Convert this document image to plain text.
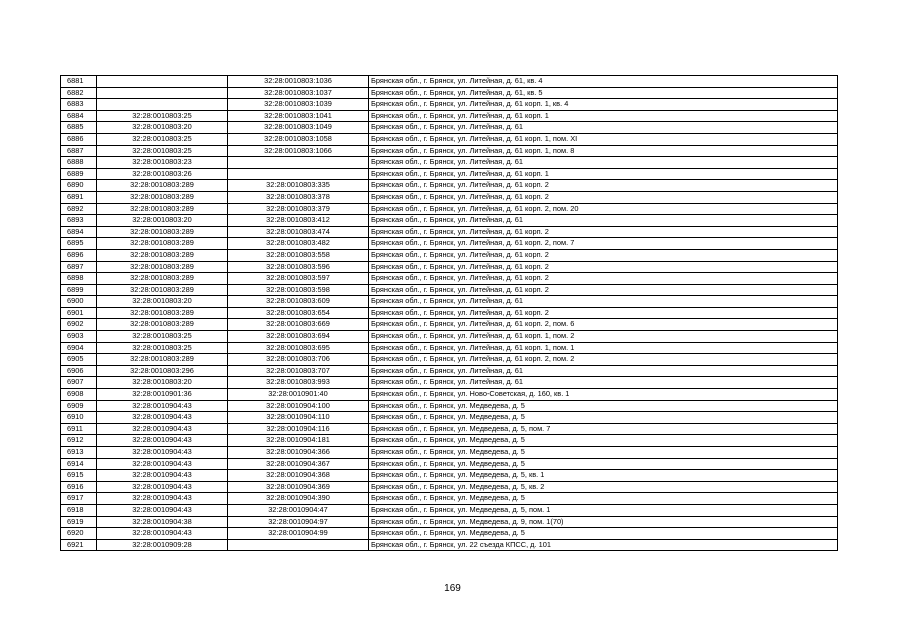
6881		32:28:0010803:1036	Брянская обл., г. Брянск, ул. Литейная, д. 61, кв. 4
6882		32:28:0010803:1037	Брянская обл., г. Брянск, ул. Литейная, д. 61, кв. 5
6883		32:28:0010803:1039	Брянская обл., г. Брянск, ул. Литейная, д. 61 корп. 1, кв. 4
6884	32:28:0010803:25	32:28:0010803:1041	Брянская обл., г. Брянск, ул. Литейная, д. 61 корп. 1
6885	32:28:0010803:20	32:28:0010803:1049	Брянская обл., г. Брянск, ул. Литейная, д. 61
6886	32:28:0010803:25	32:28:0010803:1058	Брянская обл., г. Брянск, ул. Литейная, д. 61 корп. 1, пом. XI
6887	32:28:0010803:25	32:28:0010803:1066	Брянская обл., г. Брянск, ул. Литейная, д. 61 корп. 1, пом. 8
6888	32:28:0010803:23		Брянская обл., г. Брянск, ул. Литейная, д. 61
6889	32:28:0010803:26		Брянская обл., г. Брянск, ул. Литейная, д. 61 корп. 1
6890	32:28:0010803:289	32:28:0010803:335	Брянская обл., г. Брянск, ул. Литейная, д. 61 корп. 2
6891	32:28:0010803:289	32:28:0010803:378	Брянская обл., г. Брянск, ул. Литейная, д. 61 корп. 2
6892	32:28:0010803:289	32:28:0010803:379	Брянская обл., г. Брянск, ул. Литейная, д. 61 корп. 2, пом. 20
6893	32:28:0010803:20	32:28:0010803:412	Брянская обл., г. Брянск, ул. Литейная, д. 61
6894	32:28:0010803:289	32:28:0010803:474	Брянская обл., г. Брянск, ул. Литейная, д. 61 корп. 2
6895	32:28:0010803:289	32:28:0010803:482	Брянская обл., г. Брянск, ул. Литейная, д. 61 корп. 2, пом. 7
6896	32:28:0010803:289	32:28:0010803:558	Брянская обл., г. Брянск, ул. Литейная, д. 61 корп. 2
6897	32:28:0010803:289	32:28:0010803:596	Брянская обл., г. Брянск, ул. Литейная, д. 61 корп. 2
6898	32:28:0010803:289	32:28:0010803:597	Брянская обл., г. Брянск, ул. Литейная, д. 61 корп. 2
6899	32:28:0010803:289	32:28:0010803:598	Брянская обл., г. Брянск, ул. Литейная, д. 61 корп. 2
6900	32:28:0010803:20	32:28:0010803:609	Брянская обл., г. Брянск, ул. Литейная, д. 61
6901	32:28:0010803:289	32:28:0010803:654	Брянская обл., г. Брянск, ул. Литейная, д. 61 корп. 2
6902	32:28:0010803:289	32:28:0010803:669	Брянская обл., г. Брянск, ул. Литейная, д. 61 корп. 2, пом. 6
6903	32:28:0010803:25	32:28:0010803:694	Брянская обл., г. Брянск, ул. Литейная, д. 61 корп. 1, пом. 2
6904	32:28:0010803:25	32:28:0010803:695	Брянская обл., г. Брянск, ул. Литейная, д. 61 корп. 1, пом. 1
6905	32:28:0010803:289	32:28:0010803:706	Брянская обл., г. Брянск, ул. Литейная, д. 61 корп. 2, пом. 2
6906	32:28:0010803:296	32:28:0010803:707	Брянская обл., г. Брянск, ул. Литейная, д. 61
6907	32:28:0010803:20	32:28:0010803:993	Брянская обл., г. Брянск, ул. Литейная, д. 61
6908	32:28:0010901:36	32:28:0010901:40	Брянская обл., г. Брянск, ул. Ново-Советская, д. 160, кв. 1
6909	32:28:0010904:43	32:28:0010904:100	Брянская обл., г. Брянск, ул. Медведева, д. 5
6910	32:28:0010904:43	32:28:0010904:110	Брянская обл., г. Брянск, ул. Медведева, д. 5
6911	32:28:0010904:43	32:28:0010904:116	Брянская обл., г. Брянск, ул. Медведева, д. 5, пом. 7
6912	32:28:0010904:43	32:28:0010904:181	Брянская обл., г. Брянск, ул. Медведева, д. 5
6913	32:28:0010904:43	32:28:0010904:366	Брянская обл., г. Брянск, ул. Медведева, д. 5
6914	32:28:0010904:43	32:28:0010904:367	Брянская обл., г. Брянск, ул. Медведева, д. 5
6915	32:28:0010904:43	32:28:0010904:368	Брянская обл., г. Брянск, ул. Медведева, д. 5, кв. 1
6916	32:28:0010904:43	32:28:0010904:369	Брянская обл., г. Брянск, ул. Медведева, д. 5, кв. 2
6917	32:28:0010904:43	32:28:0010904:390	Брянская обл., г. Брянск, ул. Медведева, д. 5
6918	32:28:0010904:43	32:28:0010904:47	Брянская обл., г. Брянск, ул. Медведева, д. 5, пом. 1
6919	32:28:0010904:38	32:28:0010904:97	Брянская обл., г. Брянск, ул. Медведева, д. 9, пом. 1(70)
6920	32:28:0010904:43	32:28:0010904:99	Брянская обл., г. Брянск, ул. Медведева, д. 5
6921	32:28:0010909:28		Брянская обл., г. Брянск, ул. 22 съезда КПСС, д. 101
169
